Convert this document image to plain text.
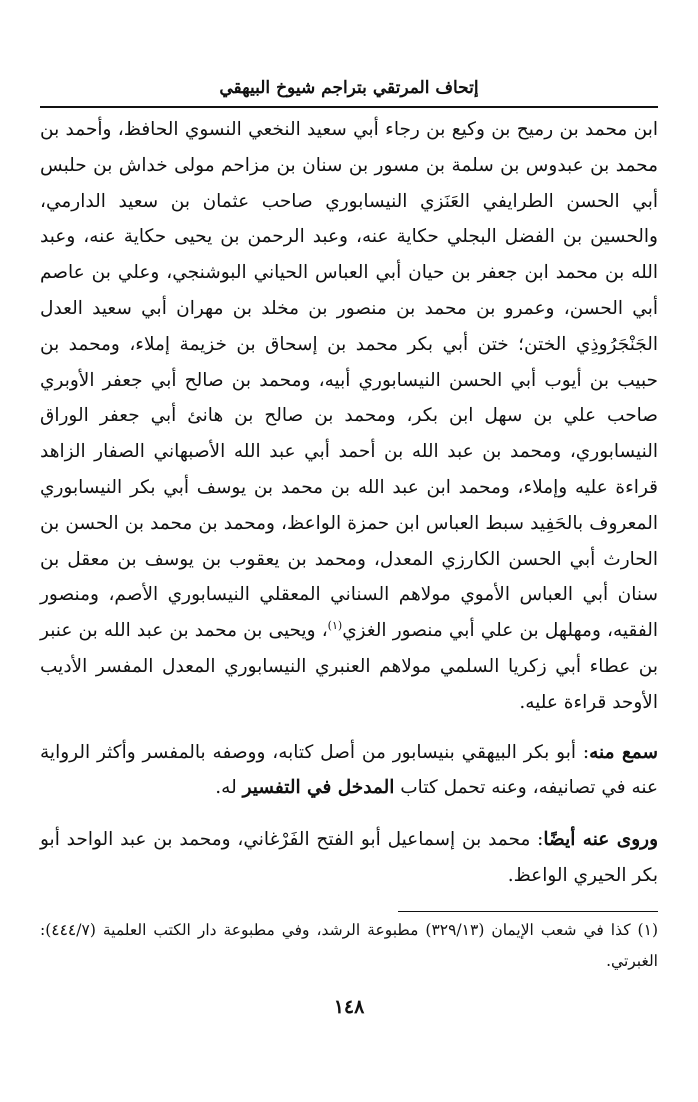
إتحاف المرتقي بتراجم شيوخ البيهقي

ابن محمد بن رميح بن وكيع بن رجاء أبي سعيد النخعي النسوي الحافظ، وأحمد بن محمد بن عبدوس بن سلمة بن مسور بن سنان بن مزاحم مولى خداش بن حلبس أبي الحسن الطرايفي العَنَزي النيسابوري صاحب عثمان بن سعيد الدارمي، والحسين بن الفضل البجلي حكاية عنه، وعبد الرحمن بن يحيى حكاية عنه، وعبد الله بن محمد ابن جعفر بن حيان أبي العباس الحياني البوشنجي، وعلي بن عاصم أبي الحسن، وعمرو بن محمد بن منصور بن مخلد بن مهران أبي سعيد العدل الجَنْجَرُوذِي الختن؛ ختن أبي بكر محمد بن إسحاق بن خزيمة إملاء، ومحمد بن حبيب بن أيوب أبي الحسن النيسابوري أبيه، ومحمد بن صالح أبي جعفر الأوبري صاحب علي بن سهل ابن بكر، ومحمد بن صالح بن هانئ أبي جعفر الوراق النيسابوري، ومحمد بن عبد الله بن أحمد أبي عبد الله الأصبهاني الصفار الزاهد قراءة عليه وإملاء، ومحمد ابن عبد الله بن محمد بن يوسف أبي بكر النيسابوري المعروف بالحَفِيد سبط العباس ابن حمزة الواعظ، ومحمد بن محمد بن الحسن بن الحارث أبي الحسن الكارزي المعدل، ومحمد بن يعقوب بن يوسف بن معقل بن سنان أبي العباس الأموي مولاهم السناني المعقلي النيسابوري الأصم، ومنصور الفقيه، ومهلهل بن علي أبي منصور الغزي$^{(١)}$، ويحيى بن محمد بن عبد الله بن عنبر بن عطاء أبي زكريا السلمي مولاهم العنبري النيسابوري المعدل المفسر الأديب الأوحد قراءة عليه.

سمع منه: أبو بكر البيهقي بنيسابور من أصل كتابه، ووصفه بالمفسر وأكثر الرواية عنه في تصانيفه، وعنه تحمل كتاب المدخل في التفسير له.

وروى عنه أيضًا: محمد بن إسماعيل أبو الفتح الفَرْغاني، ومحمد بن عبد الواحد أبو بكر الحيري الواعظ.

(١) كذا في شعب الإيمان (٣٢٩/١٣) مطبوعة الرشد، وفي مطبوعة دار الكتب العلمية (٤٤٤/٧): الغبرتي.

١٤٨
